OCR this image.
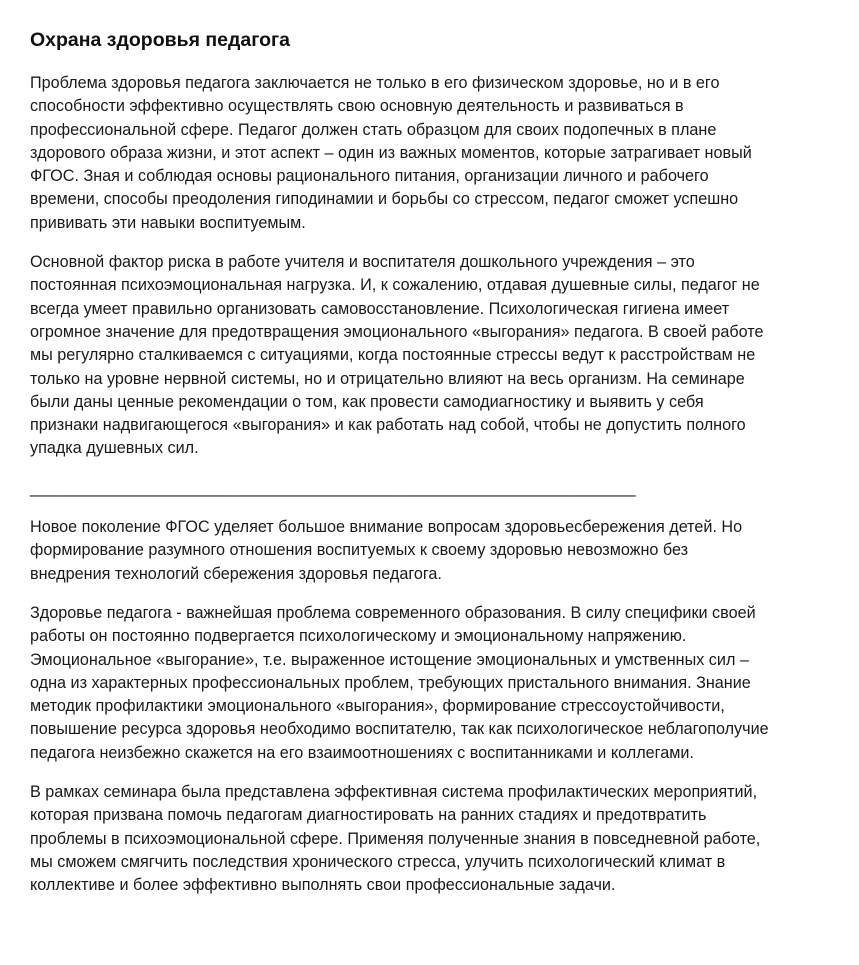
Охрана здоровья педагога

Проблема здоровья педагога заключается не только в его физическом здоровье, но и в его
способности эффективно осуществлять свою основную деятельность и развиваться в
профессиональной сфере. Педагог должен стать образцом для своих подопечных в плане
здорового образа жизни, и этот аспект – один из важных моментов, которые затрагивает новый
ФГОС. Зная и соблюдая основы рационального питания, организации личного и рабочего
времени, способы преодоления гиподинамии и борьбы со стрессом, педагог сможет успешно
прививать эти навыки воспитуемым.

Основной фактор риска в работе учителя и воспитателя дошкольного учреждения – это
постоянная психоэмоциональная нагрузка. И, к сожалению, отдавая душевные силы, педагог не
всегда умеет правильно организовать самовосстановление. Психологическая гигиена имеет
огромное значение для предотвращения эмоционального «выгорания» педагога. В своей работе
мы регулярно сталкиваемся с ситуациями, когда постоянные стрессы ведут к расстройствам не
только на уровне нервной системы, но и отрицательно влияют на весь организм. На семинаре
были даны ценные рекомендации о том, как провести самодиагностику и выявить у себя
признаки надвигающегося «выгорания» и как работать над собой, чтобы не допустить полного
упадка душевных сил.

________________________________________________________________________

Новое поколение ФГОС уделяет большое внимание вопросам здоровьесбережения детей. Но
формирование разумного отношения воспитуемых к своему здоровью невозможно без
внедрения технологий сбережения здоровья педагога.

Здоровье педагога - важнейшая проблема современного образования. В силу специфики своей
работы он постоянно подвергается психологическому и эмоциональному напряжению.
Эмоциональное «выгорание», т.е. выраженное истощение эмоциональных и умственных сил –
одна из характерных профессиональных проблем, требующих пристального внимания. Знание
методик профилактики эмоционального «выгорания», формирование стрессоустойчивости,
повышение ресурса здоровья необходимо воспитателю, так как психологическое неблагополучие
педагога неизбежно скажется на его взаимоотношениях с воспитанниками и коллегами.

В рамках семинара была представлена эффективная система профилактических мероприятий,
которая призвана помочь педагогам диагностировать на ранних стадиях и предотвратить
проблемы в психоэмоциональной сфере. Применяя полученные знания в повседневной работе,
мы сможем смягчить последствия хронического стресса, улучить психологический климат в
коллективе и более эффективно выполнять свои профессиональные задачи.
